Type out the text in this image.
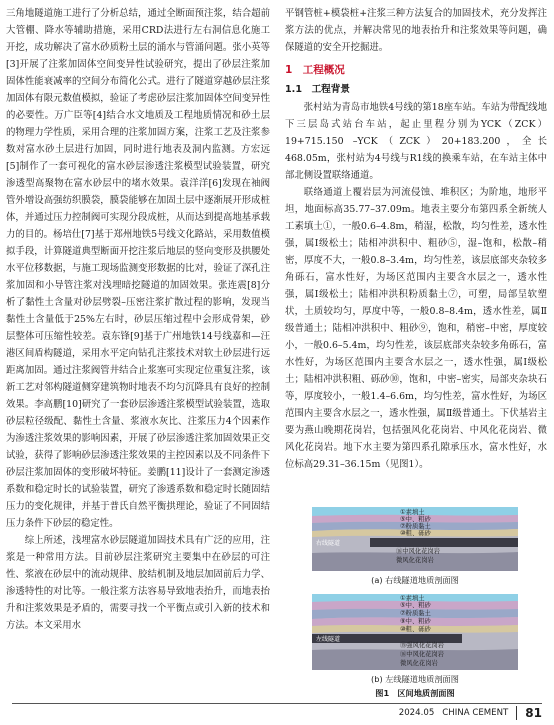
三角地隧道施工进行了分析总结，通过全断面预注浆，结合超前大管棚、降水等辅助措施，采用CRD法进行左右洞信息化施工开挖，成功解决了富水砂质粉土层的涌水与管涌问题。张小英等[3]开展了注浆加固体空间变异性试验研究，提出了砂层注浆加固体性能衰减率的空间分布简化公式。进行了隧道穿越砂层注浆加固体有限元数值模拟，验证了考虑砂层注浆加固体空间变异性的必要性。万广臣等[4]结合水文地质及工程地质情况和砂土层的物理力学性质，采用合理的注浆加固方案，注浆工艺及注浆参数对富水砂土层进行加固，同时进行地表及洞内监测。方宏远[5]制作了一套可视化的富水砂层渗透注浆模型试验装置，研究渗透型高聚物在富水砂层中的堵水效果。袁洋洋[6]发现在袖阀管外增设高强纺织膜袋，膜袋能够在加固土层中逐渐展开形成桩体，并通过压力控制阀可实现分段成桩，从而达到提高地基承载力的目的。杨培仕[7]基于郑州地铁5号线文化路站，采用数值模拟手段，计算隧道典型断面开挖注浆后地层的竖向变形及拱腰处水平位移数据，与施工现场监测变形数据的比对，验证了深孔注浆加固和小导管注浆对浅埋暗挖隧道的加固效果。张连震[8]分析了黏性土含量对砂层劈裂–压密注浆扩散过程的影响，发现当黏性土含量低于25%左右时，砂层压缩过程中会形成骨架，砂层整体可压缩性较差。袁东锋[9]基于广州地铁14号线嘉和—汪港区间盾构隧道，采用水平定向钻孔注浆技术对软土砂层进行远距离加固。通过注浆阀管井结合止浆塞可实现定位重复注浆，该新工艺对邻构隧道侧穿建筑物时地表不均匀沉降具有良好的控制效果。李高鹏[10]研究了一套砂层渗透注浆模型试验装置，选取砂层粒径级配、黏性土含量、浆液水灰比、注浆压力4个因素作为渗透注浆效果的影响因素，开展了砂层渗透注浆加固效果正交试验，获得了影响砂层渗透注浆效果的主控因素以及不同条件下砂层注浆加固体的变形破坏特征。姜鹏[11]设计了一套测定渗透系数和稳定时长的试验装置，研究了渗透系数和稳定时长随固结压力的变化规律，并基于普氏自然平衡拱理论，验证了不同固结压力条件下砂层的稳定性。

综上所述，浅埋富水砂层隧道加固技术具有广泛的应用，注浆是一种常用方法。目前砂层注浆研究主要集中在砂层的可注性、浆液在砂层中的流动规律、胶结机制及地层加固前后力学、渗透特性的对比等。一般注浆方法容易导致地表抬升，而地表抬升和注浆效果是矛盾的，需要寻找一个平衡点或引入新的技术和方法。本文采用水

平钢管桩+模袋桩+注浆三种方法复合的加固技术，充分发挥注浆方法的优点，并解决常见的地表抬升和注浆效果等问题，确保隧道的安全开挖掘进。

1　工程概况
1.1　工程背景

张村站为青岛市地铁4号线的第18座车站。车站为带配线地下三层岛式站台车站，起止里程分别为YCK（ZCK）19+715.150 –YCK（ZCK）20+183.200，全长468.05m，张村站为4号线与R1线的换乘车站，在车站主体中部北侧设置联络通道。

联络通道上覆岩层为河流侵蚀、堆积区；为阶地，地形平坦，地面标高35.77–37.09m。地表主要分布第四系全新统人工素填土①，一般0.6–4.8m，稍湿，松散，均匀性差，透水性强，属Ⅰ级松土；陆相冲洪积中、粗砂⑤，湿–饱和，松散–稍密，厚度不大，一般0.8–3.4m，均匀性差，该层底部夹杂较多角砾石，富水性好，为场区范围内主要含水层之一，透水性强，属Ⅰ级松土；陆相冲洪积粉质黏土⑦，可塑，局部呈软塑状，土质较均匀，厚度中等，一般0.8–8.4m，透水性差，属Ⅱ级普通土；陆相冲洪积中、粗砂⑨，饱和，稍密–中密，厚度较小，一般0.6–5.4m，均匀性差，该层底部夹杂较多角砾石，富水性好，为场区范围内主要含水层之一，透水性强，属Ⅰ级松土；陆相冲洪积粗、砾砂⑩，饱和，中密–密实，局部夹杂块石等，厚度较小，一般1.4–6.6m，均匀性差，富水性好，为场区范围内主要含水层之一，透水性强，属Ⅱ级普通土。下伏基岩主要为燕山晚期花岗岩，包括强风化花岗岩、中风化花岗岩、微风化花岗岩。地下水主要为第四系孔隙承压水，富水性好，水位标高29.31–36.15m（见图1）。

①素填土
⑤中、粗砂
⑦粉质黏土
⑩粗、砾砂
右线隧道
⑯中风化花岗岩
微风化花岗岩
(a) 右线隧道地质剖面图
①素填土
⑤中、粗砂
⑦粉质黏土
⑨中、粗砂
⑩粗、砾砂
左线隧道
⑮强风化花岗岩
⑯中风化花岗岩
微风化花岗岩
(b) 左线隧道地质剖面图
图1　区间地质剖面图
2024.05 CHINA CEMENT 81
